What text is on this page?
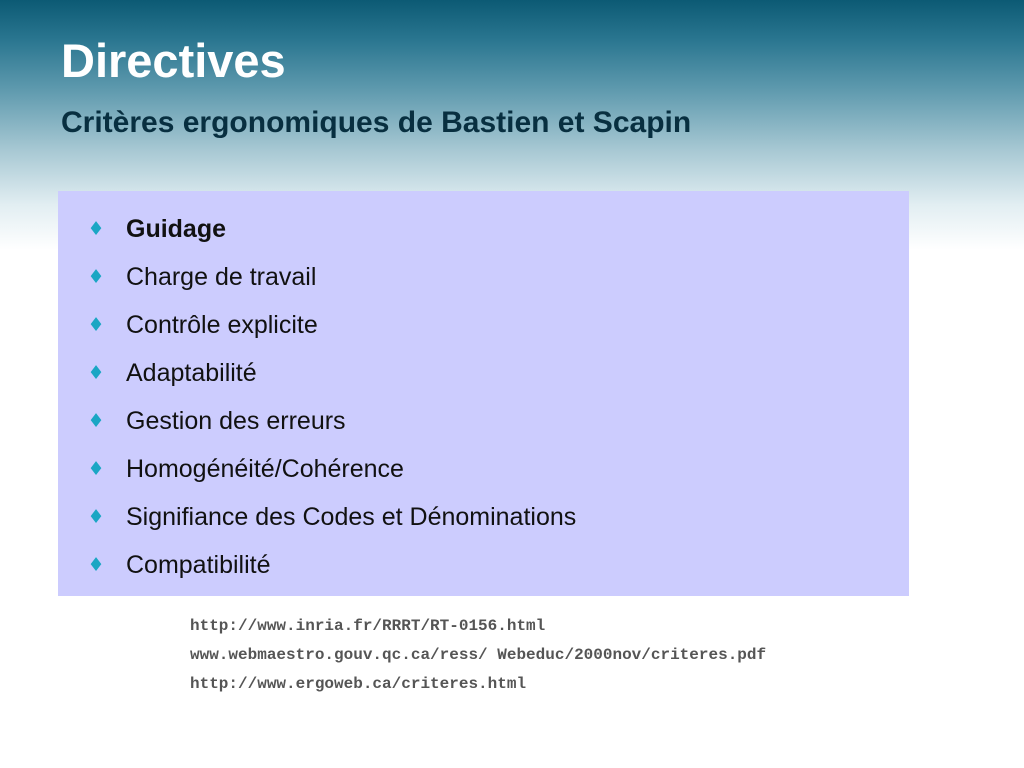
Directives
Critères ergonomiques de Bastien et Scapin
♦ Guidage
♦ Charge de travail
♦ Contrôle explicite
♦ Adaptabilité
♦ Gestion des erreurs
♦ Homogénéité/Cohérence
♦ Signifiance des Codes et Dénominations
♦ Compatibilité
http://www.inria.fr/RRRT/RT-0156.html
www.webmaestro.gouv.qc.ca/ress/ Webeduc/2000nov/criteres.pdf
http://www.ergoweb.ca/criteres.html
